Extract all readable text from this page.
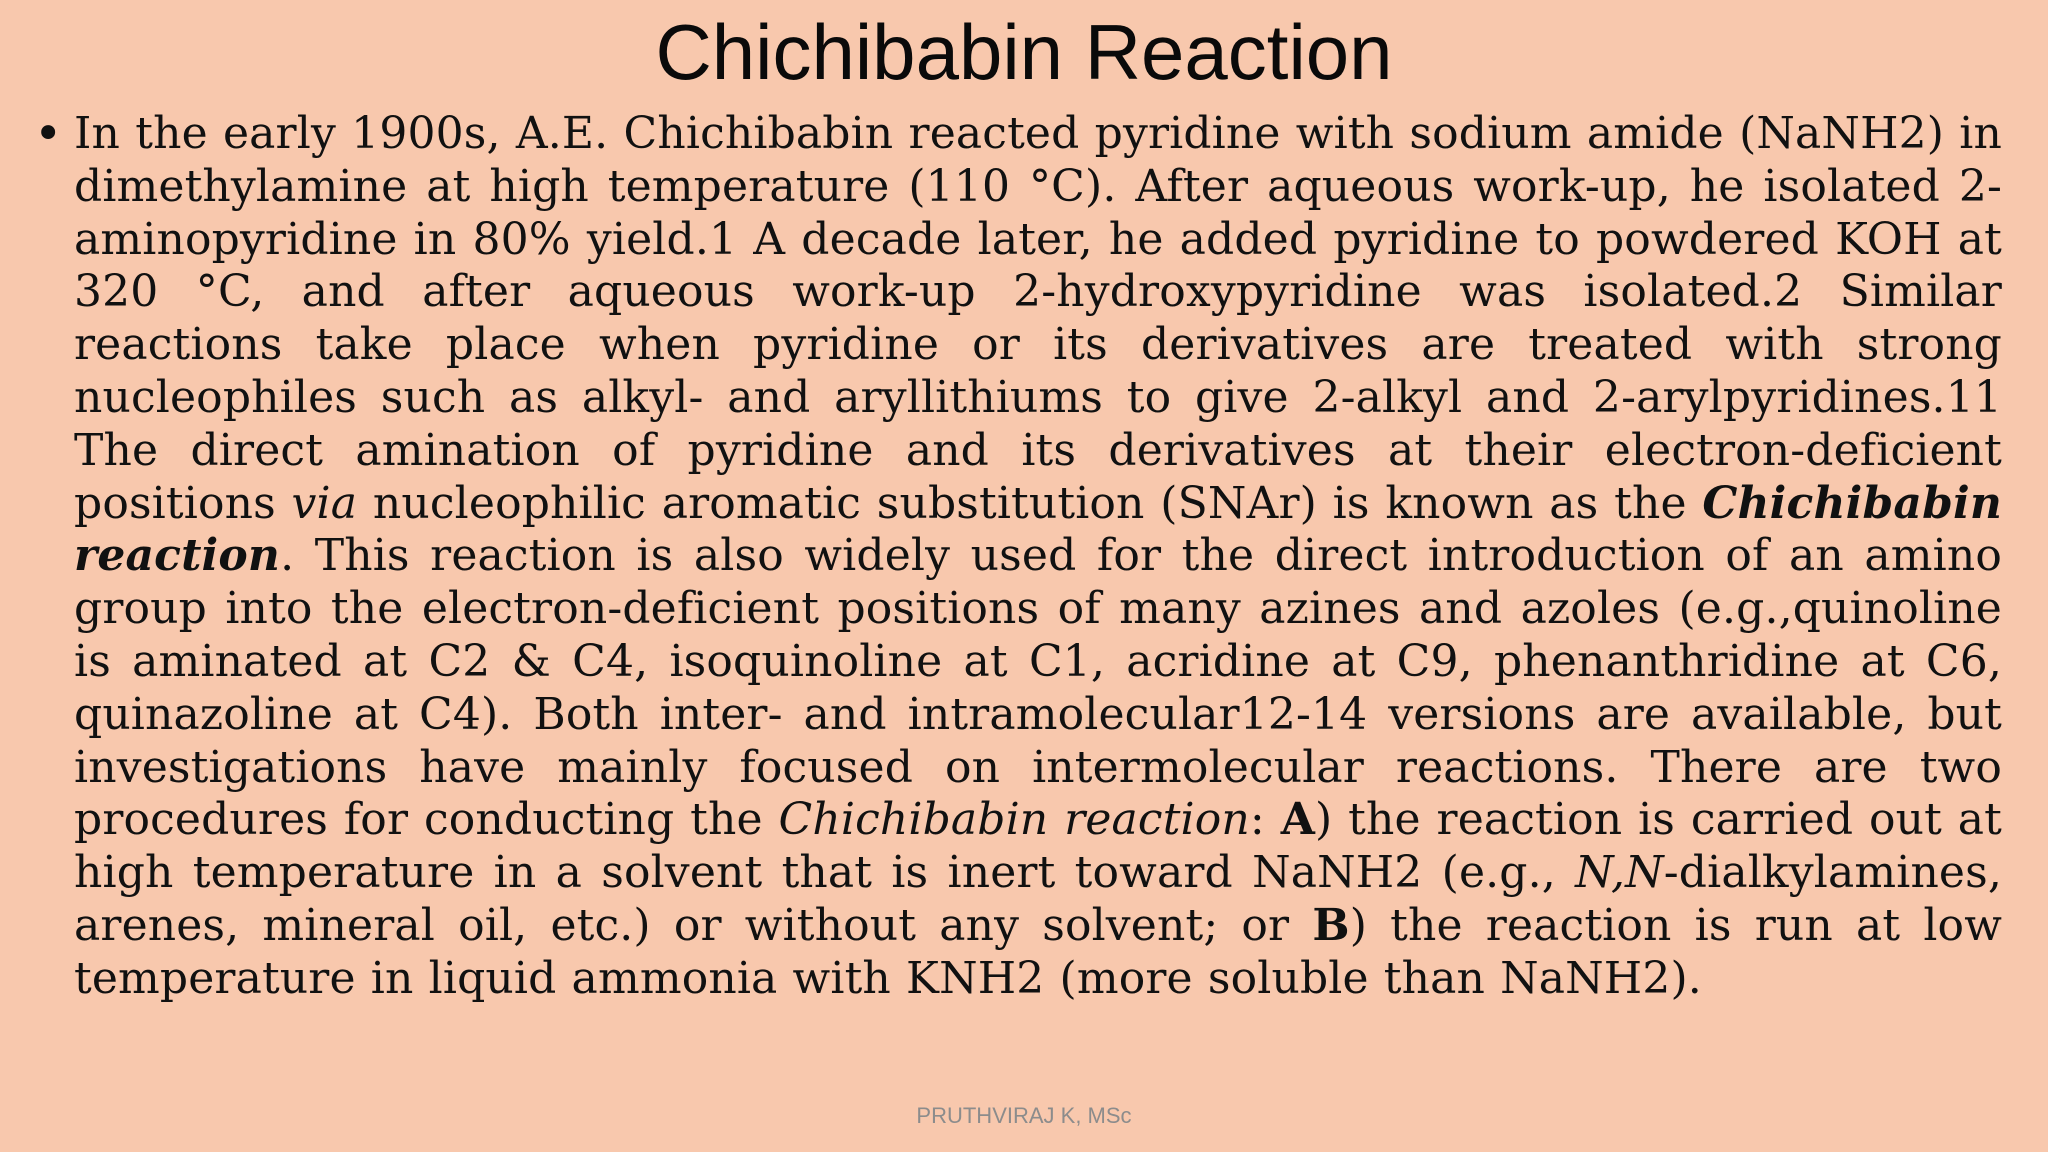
Chichibabin Reaction
• In the early 1900s, A.E. Chichibabin reacted pyridine with sodium amide (NaNH2) in dimethylamine at high temperature (110 °C). After aqueous work-up, he isolated 2-aminopyridine in 80% yield.1 A decade later, he added pyridine to powdered KOH at 320 °C, and after aqueous work-up 2-hydroxypyridine was isolated.2 Similar reactions take place when pyridine or its derivatives are treated with strong nucleophiles such as alkyl- and aryllithiums to give 2-alkyl and 2-arylpyridines.11 The direct amination of pyridine and its derivatives at their electron-deficient positions via nucleophilic aromatic substitution (SNAr) is known as the Chichibabin reaction. This reaction is also widely used for the direct introduction of an amino group into the electron-deficient positions of many azines and azoles (e.g.,quinoline is aminated at C2 & C4, isoquinoline at C1, acridine at C9, phenanthridine at C6, quinazoline at C4). Both inter- and intramolecular12-14 versions are available, but investigations have mainly focused on intermolecular reactions. There are two procedures for conducting the Chichibabin reaction: A) the reaction is carried out at high temperature in a solvent that is inert toward NaNH2 (e.g., N,N-dialkylamines, arenes, mineral oil, etc.) or without any solvent; or B) the reaction is run at low temperature in liquid ammonia with KNH2 (more soluble than NaNH2).
PRUTHVIRAJ K, MSc
